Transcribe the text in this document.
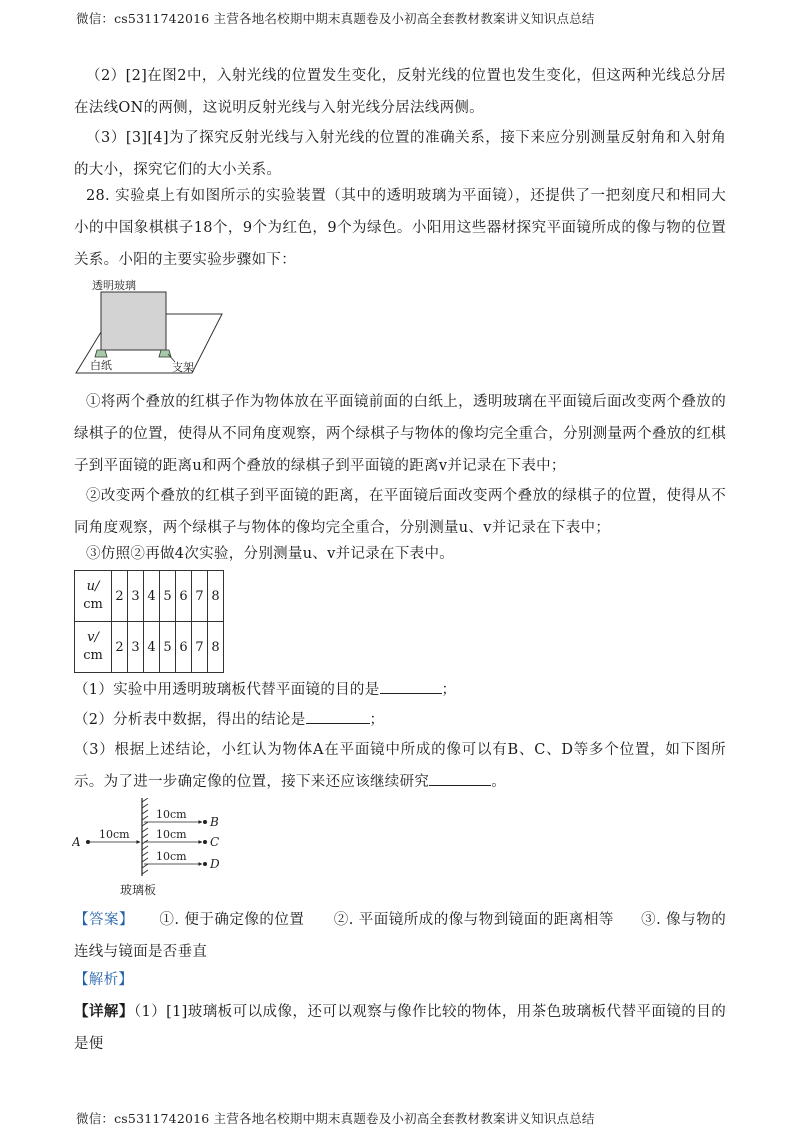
微信：cs5311742016 主营各地名校期中期末真题卷及小初高全套教材教案讲义知识点总结
（2）[2]在图2中，入射光线的位置发生变化，反射光线的位置也发生变化，但这两种光线总分居在法线ON的两侧，这说明反射光线与入射光线分居法线两侧。
（3）[3][4]为了探究反射光线与入射光线的位置的准确关系，接下来应分别测量反射角和入射角的大小，探究它们的大小关系。
28. 实验桌上有如图所示的实验装置（其中的透明玻璃为平面镜），还提供了一把刻度尺和相同大小的中国象棋棋子18个，9个为红色，9个为绿色。小阳用这些器材探究平面镜所成的像与物的位置关系。小阳的主要实验步骤如下：
透明玻璃
白纸	支架
①将两个叠放的红棋子作为物体放在平面镜前面的白纸上，透明玻璃在平面镜后面改变两个叠放的绿棋子的位置，使得从不同角度观察，两个绿棋子与物体的像均完全重合，分别测量两个叠放的红棋子到平面镜的距离u和两个叠放的绿棋子到平面镜的距离v并记录在下表中；
②改变两个叠放的红棋子到平面镜的距离，在平面镜后面改变两个叠放的绿棋子的位置，使得从不同角度观察，两个绿棋子与物体的像均完全重合，分别测量u、v并记录在下表中；
③仿照②再做4次实验，分别测量u、v并记录在下表中。
u/
cm	2	3	4	5	6	7	8
v/
cm	2	3	4	5	6	7	8
（1）实验中用透明玻璃板代替平面镜的目的是	；
（2）分析表中数据，得出的结论是	；
（3）根据上述结论，小红认为物体A在平面镜中所成的像可以有B、C、D等多个位置，如下图所示。为了进一步确定像的位置，接下来还应该继续研究	。
A
10cm
10cm
B
10cm
C
10cm
D
玻璃板
【答案】 ①. 便于确定像的位置 ②. 平面镜所成的像与物到镜面的距离相等 ③. 像与物的连线与镜面是否垂直
【解析】
【详解】（1）[1]玻璃板可以成像，还可以观察与像作比较的物体，用茶色玻璃板代替平面镜的目的是便
微信：cs5311742016 主营各地名校期中期末真题卷及小初高全套教材教案讲义知识点总结
